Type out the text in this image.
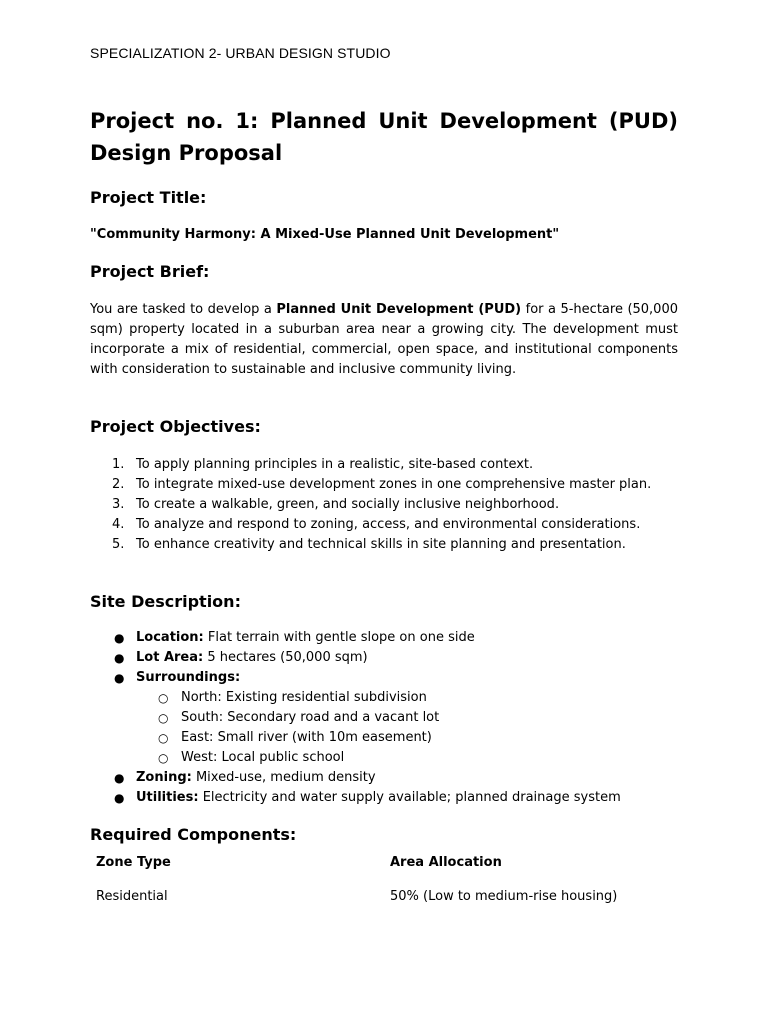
SPECIALIZATION 2- URBAN DESIGN STUDIO

Project no. 1: Planned Unit Development (PUD) Design Proposal
Project Title:

"Community Harmony: A Mixed-Use Planned Unit Development"

Project Brief:

You are tasked to develop a Planned Unit Development (PUD) for a 5-hectare (50,000 sqm) property located in a suburban area near a growing city. The development must incorporate a mix of residential, commercial, open space, and institutional components with consideration to sustainable and inclusive community living.

Project Objectives:
1. To apply planning principles in a realistic, site-based context.
2. To integrate mixed-use development zones in one comprehensive master plan.
3. To create a walkable, green, and socially inclusive neighborhood.
4. To analyze and respond to zoning, access, and environmental considerations.
5. To enhance creativity and technical skills in site planning and presentation.
Site Description:
● Location: Flat terrain with gentle slope on one side
● Lot Area: 5 hectares (50,000 sqm)
● Surroundings:
○ North: Existing residential subdivision
○ South: Secondary road and a vacant lot
○ East: Small river (with 10m easement)
○ West: Local public school
● Zoning: Mixed-use, medium density
● Utilities: Electricity and water supply available; planned drainage system
Required Components:
Zone Type	Area Allocation
Residential	50% (Low to medium-rise housing)
